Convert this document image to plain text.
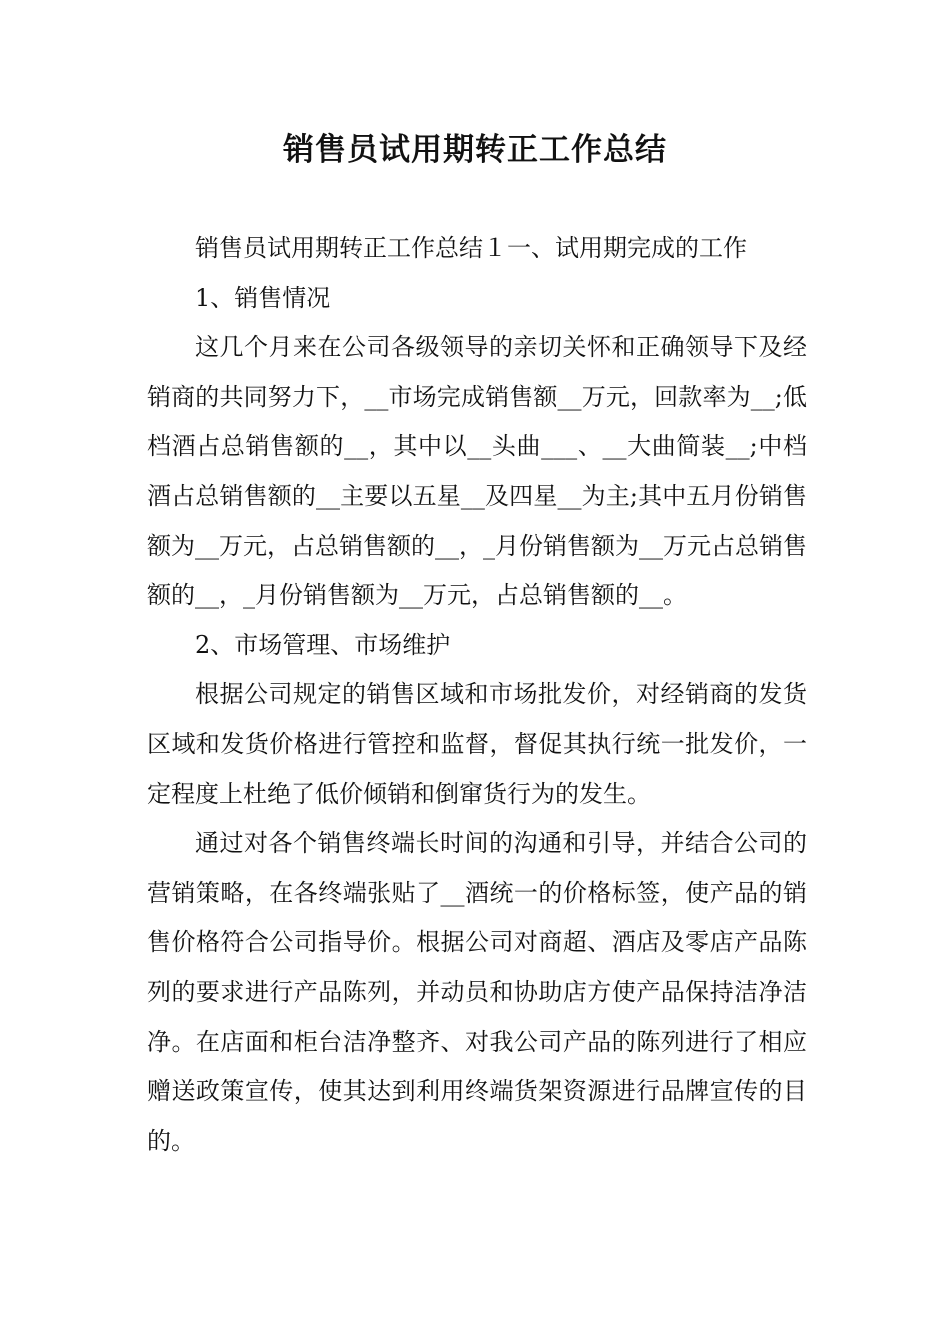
销售员试用期转正工作总结

销售员试用期转正工作总结１一、试用期完成的工作

1、销售情况

这几个月来在公司各级领导的亲切关怀和正确领导下及经销商的共同努力下，__市场完成销售额__万元，回款率为__;低档酒占总销售额的__，其中以__头曲___、__大曲简装__;中档酒占总销售额的__主要以五星__及四星__为主;其中五月份销售额为__万元，占总销售额的__，_月份销售额为__万元占总销售额的__，_月份销售额为__万元，占总销售额的__。

2、市场管理、市场维护

根据公司规定的销售区域和市场批发价，对经销商的发货区域和发货价格进行管控和监督，督促其执行统一批发价，一定程度上杜绝了低价倾销和倒窜货行为的发生。

通过对各个销售终端长时间的沟通和引导，并结合公司的营销策略，在各终端张贴了__酒统一的价格标签，使产品的销售价格符合公司指导价。根据公司对商超、酒店及零店产品陈列的要求进行产品陈列，并动员和协助店方使产品保持洁净洁净。在店面和柜台洁净整齐、对我公司产品的陈列进行了相应赠送政策宣传，使其达到利用终端货架资源进行品牌宣传的目的。
